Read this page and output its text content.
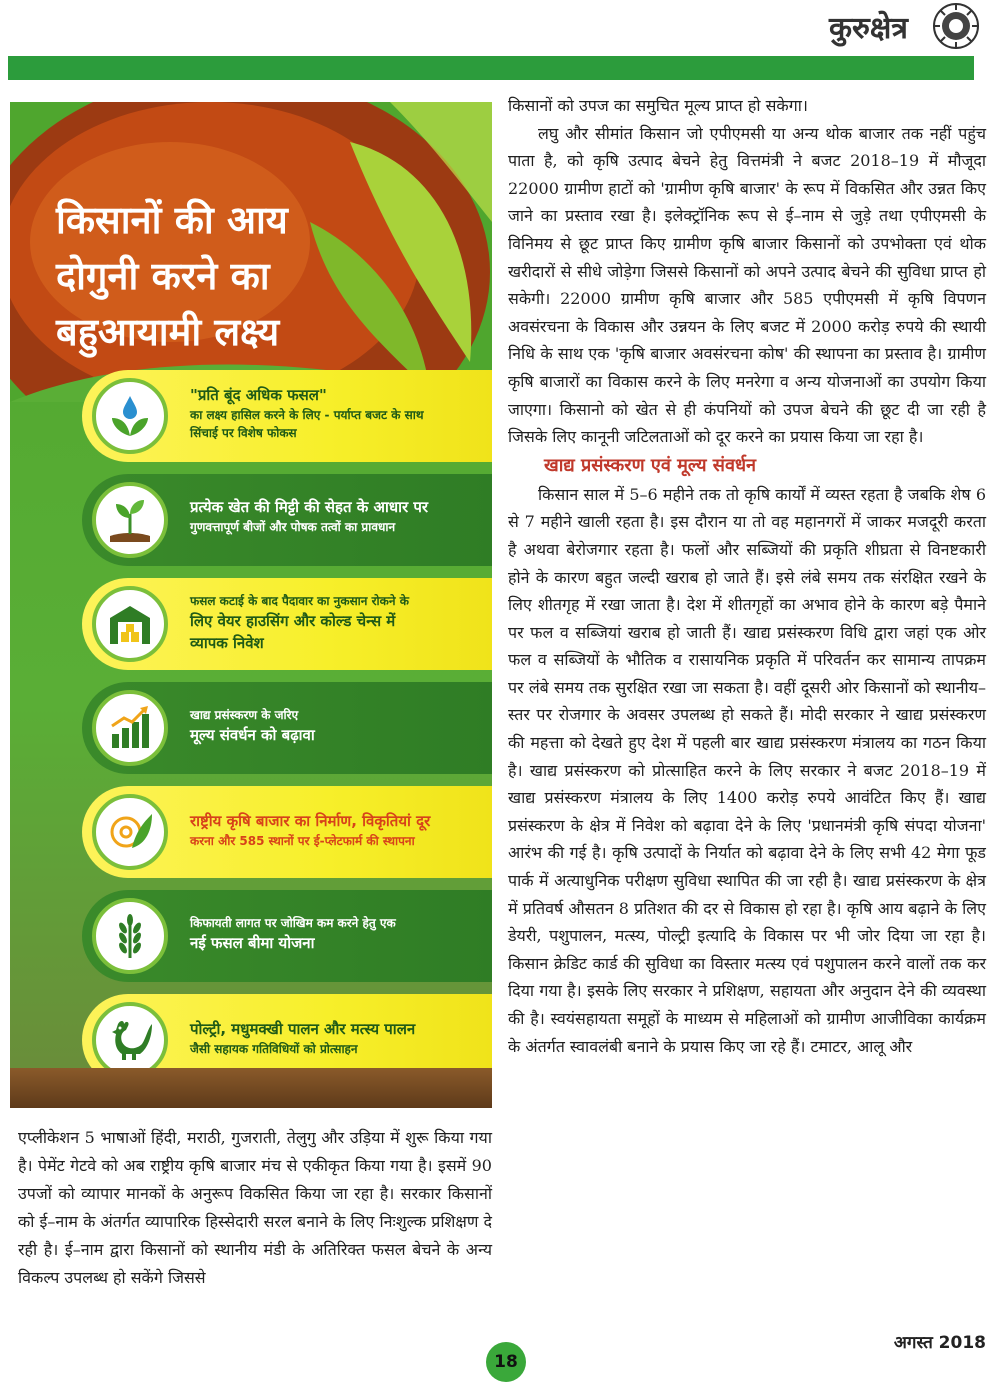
कुरुक्षेत्र
किसानों की आय
दोगुनी करने का
बहुआयामी लक्ष्य
"प्रति बूंद अधिक फसल"
का लक्ष्य हासिल करने के लिए - पर्याप्त बजट के साथ
सिंचाई पर विशेष फोकस
प्रत्येक खेत की मिट्टी की सेहत के आधार पर
गुणवत्तापूर्ण बीजों और पोषक तत्वों का प्रावधान
फसल कटाई के बाद पैदावार का नुकसान रोकने के
लिए वेयर हाउसिंग और कोल्ड चेन्स में
व्यापक निवेश
खाद्य प्रसंस्करण के जरिए
मूल्य संवर्धन को बढ़ावा
राष्ट्रीय कृषि बाजार का निर्माण, विकृतियां दूर
करना और 585 स्थानों पर ई-प्लेटफार्म की स्थापना
किफायती लागत पर जोखिम कम करने हेतु एक
नई फसल बीमा योजना
पोल्ट्री, मधुमक्खी पालन और मत्स्य पालन
जैसी सहायक गतिविधियों को प्रोत्साहन

एप्लीकेशन 5 भाषाओं हिंदी, मराठी, गुजराती, तेलुगु और उड़िया में शुरू किया गया है। पेमेंट गेटवे को अब राष्ट्रीय कृषि बाजार मंच से एकीकृत किया गया है। इसमें 90 उपजों को व्यापार मानकों के अनुरूप विकसित किया जा रहा है। सरकार किसानों को ई–नाम के अंतर्गत व्यापारिक हिस्सेदारी सरल बनाने के लिए निःशुल्क प्रशिक्षण दे रही है। ई–नाम द्वारा किसानों को स्थानीय मंडी के अतिरिक्त फसल बेचने के अन्य विकल्प उपलब्ध हो सकेंगे जिससे

किसानों को उपज का समुचित मूल्य प्राप्त हो सकेगा।

लघु और सीमांत किसान जो एपीएमसी या अन्य थोक बाजार तक नहीं पहुंच पाता है, को कृषि उत्पाद बेचने हेतु वित्तमंत्री ने बजट 2018–19 में मौजूदा 22000 ग्रामीण हाटों को 'ग्रामीण कृषि बाजार' के रूप में विकसित और उन्नत किए जाने का प्रस्ताव रखा है। इलेक्ट्रॉनिक रूप से ई–नाम से जुड़े तथा एपीएमसी के विनिमय से छूट प्राप्त किए ग्रामीण कृषि बाजार किसानों को उपभोक्ता एवं थोक खरीदारों से सीधे जोड़ेगा जिससे किसानों को अपने उत्पाद बेचने की सुविधा प्राप्त हो सकेगी। 22000 ग्रामीण कृषि बाजार और 585 एपीएमसी में कृषि विपणन अवसंरचना के विकास और उन्नयन के लिए बजट में 2000 करोड़ रुपये की स्थायी निधि के साथ एक 'कृषि बाजार अवसंरचना कोष' की स्थापना का प्रस्ताव है। ग्रामीण कृषि बाजारों का विकास करने के लिए मनरेगा व अन्य योजनाओं का उपयोग किया जाएगा। किसानो को खेत से ही कंपनियों को उपज बेचने की छूट दी जा रही है जिसके लिए कानूनी जटिलताओं को दूर करने का प्रयास किया जा रहा है।

खाद्य प्रसंस्करण एवं मूल्य संवर्धन

किसान साल में 5–6 महीने तक तो कृषि कार्यों में व्यस्त रहता है जबकि शेष 6 से 7 महीने खाली रहता है। इस दौरान या तो वह महानगरों में जाकर मजदूरी करता है अथवा बेरोजगार रहता है। फलों और सब्जियों की प्रकृति शीघ्रता से विनष्टकारी होने के कारण बहुत जल्दी खराब हो जाते हैं। इसे लंबे समय तक संरक्षित रखने के लिए शीतगृह में रखा जाता है। देश में शीतगृहों का अभाव होने के कारण बड़े पैमाने पर फल व सब्जियां खराब हो जाती हैं। खाद्य प्रसंस्करण विधि द्वारा जहां एक ओर फल व सब्जियों के भौतिक व रासायनिक प्रकृति में परिवर्तन कर सामान्य तापक्रम पर लंबे समय तक सुरक्षित रखा जा सकता है। वहीं दूसरी ओर किसानों को स्थानीय–स्तर पर रोजगार के अवसर उपलब्ध हो सकते हैं। मोदी सरकार ने खाद्य प्रसंस्करण की महत्ता को देखते हुए देश में पहली बार खाद्य प्रसंस्करण मंत्रालय का गठन किया है। खाद्य प्रसंस्करण को प्रोत्साहित करने के लिए सरकार ने बजट 2018–19 में खाद्य प्रसंस्करण मंत्रालय के लिए 1400 करोड़ रुपये आवंटित किए हैं। खाद्य प्रसंस्करण के क्षेत्र में निवेश को बढ़ावा देने के लिए 'प्रधानमंत्री कृषि संपदा योजना' आरंभ की गई है। कृषि उत्पादों के निर्यात को बढ़ावा देने के लिए सभी 42 मेगा फूड पार्क में अत्याधुनिक परीक्षण सुविधा स्थापित की जा रही है। खाद्य प्रसंस्करण के क्षेत्र में प्रतिवर्ष औसतन 8 प्रतिशत की दर से विकास हो रहा है। कृषि आय बढ़ाने के लिए डेयरी, पशुपालन, मत्स्य, पोल्ट्री इत्यादि के विकास पर भी जोर दिया जा रहा है। किसान क्रेडिट कार्ड की सुविधा का विस्तार मत्स्य एवं पशुपालन करने वालों तक कर दिया गया है। इसके लिए सरकार ने प्रशिक्षण, सहायता और अनुदान देने की व्यवस्था की है। स्वयंसहायता समूहों के माध्यम से महिलाओं को ग्रामीण आजीविका कार्यक्रम के अंतर्गत स्वावलंबी बनाने के प्रयास किए जा रहे हैं। टमाटर, आलू और

18
अगस्त 2018
